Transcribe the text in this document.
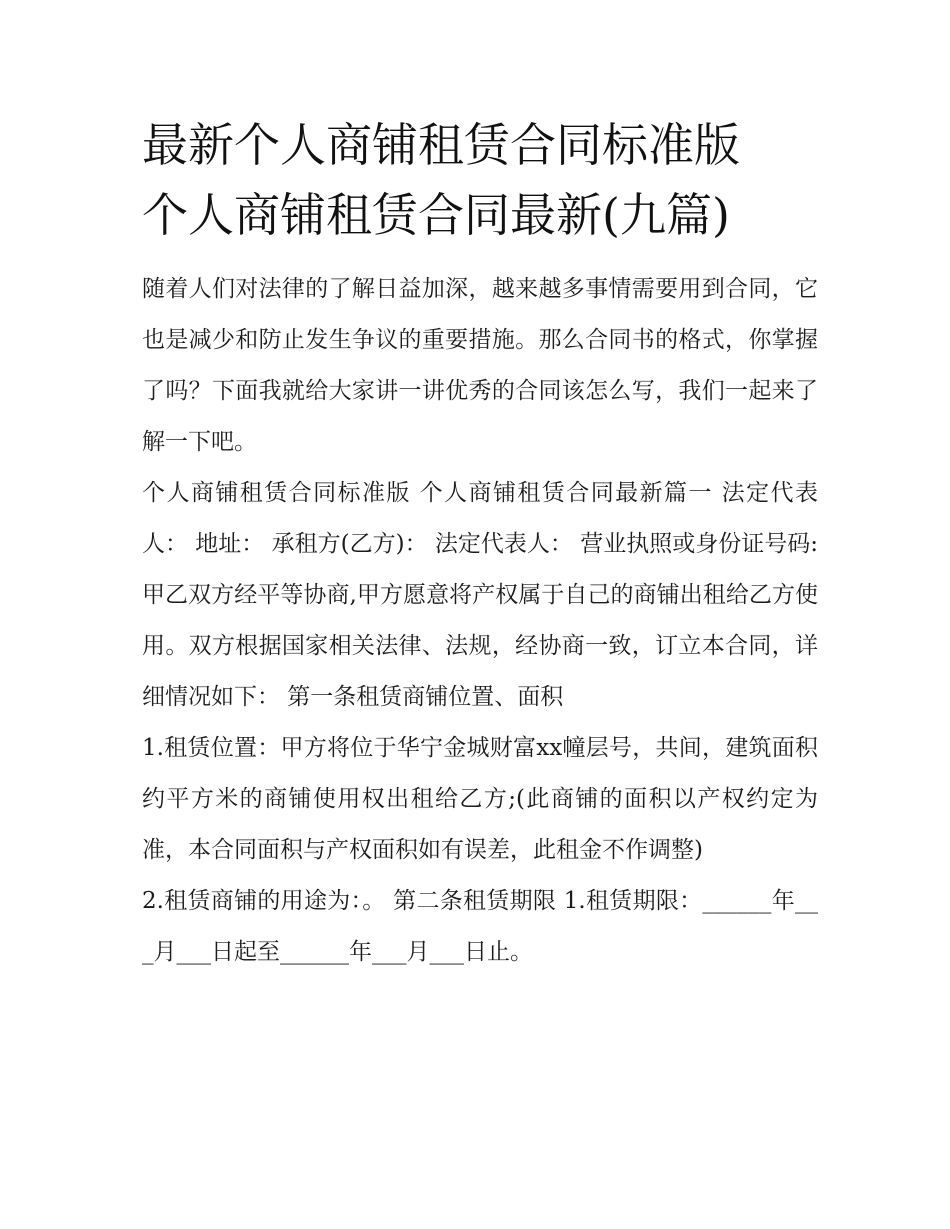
最新个人商铺租赁合同标准版
个人商铺租赁合同最新(九篇)

随着人们对法律的了解日益加深，越来越多事情需要用到合同，它也是减少和防止发生争议的重要措施。那么合同书的格式，你掌握了吗？下面我就给大家讲一讲优秀的合同该怎么写，我们一起来了解一下吧。

个人商铺租赁合同标准版 个人商铺租赁合同最新篇一 法定代表人： 地址： 承租方(乙方)： 法定代表人： 营业执照或身份证号码:

甲乙双方经平等协商,甲方愿意将产权属于自己的商铺出租给乙方使用。双方根据国家相关法律、法规，经协商一致，订立本合同，详细情况如下： 第一条租赁商铺位置、面积

1.租赁位置：甲方将位于华宁金城财富xx幢层号，共间，建筑面积约平方米的商铺使用权出租给乙方;(此商铺的面积以产权约定为准，本合同面积与产权面积如有误差，此租金不作调整)

2.租赁商铺的用途为：。 第二条租赁期限 1.租赁期限：______年___月___日起至______年___月___日止。
